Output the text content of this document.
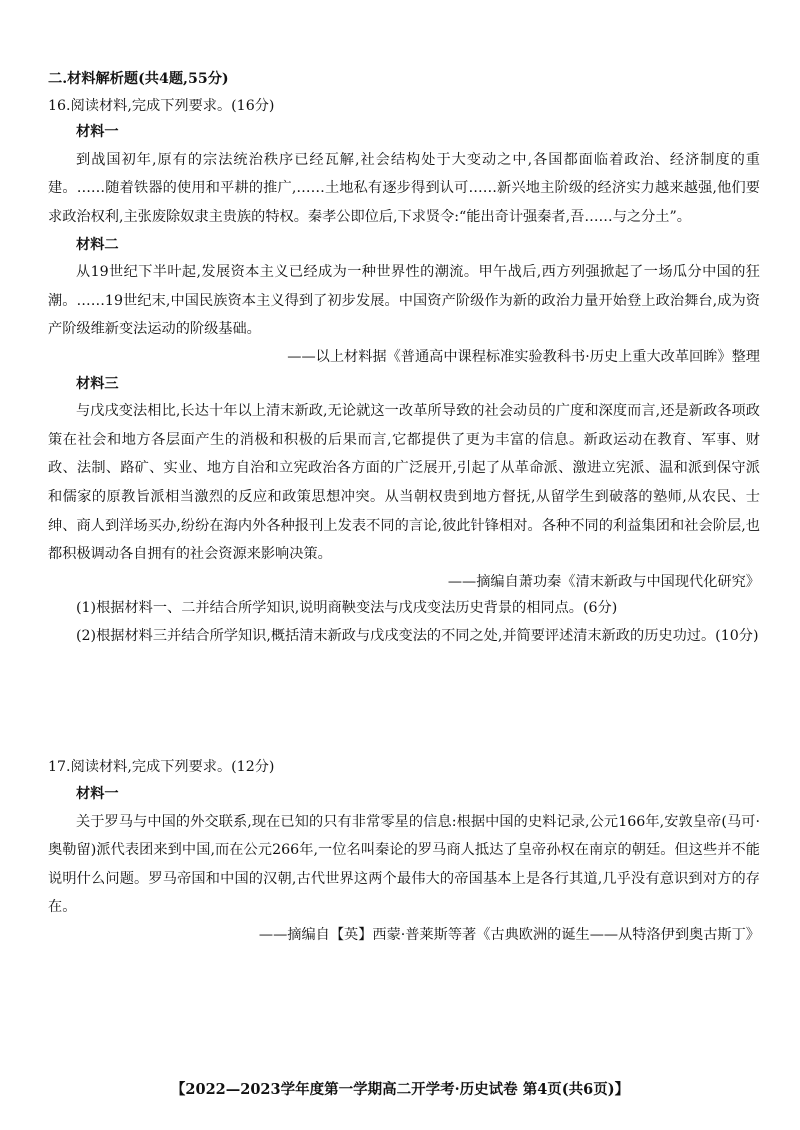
二.材料解析题(共4题,55分)
16.阅读材料,完成下列要求。(16分)
材料一

到战国初年,原有的宗法统治秩序已经瓦解,社会结构处于大变动之中,各国都面临着政治、经济制度的重建。……随着铁器的使用和平耕的推广,……土地私有逐步得到认可……新兴地主阶级的经济实力越来越强,他们要求政治权利,主张废除奴隶主贵族的特权。秦孝公即位后,下求贤令:“能出奇计强秦者,吾……与之分土”。

材料二

从19世纪下半叶起,发展资本主义已经成为一种世界性的潮流。甲午战后,西方列强掀起了一场瓜分中国的狂潮。……19世纪末,中国民族资本主义得到了初步发展。中国资产阶级作为新的政治力量开始登上政治舞台,成为资产阶级维新变法运动的阶级基础。

——以上材料据《普通高中课程标准实验教科书·历史上重大改革回眸》整理
材料三

与戊戌变法相比,长达十年以上清末新政,无论就这一改革所导致的社会动员的广度和深度而言,还是新政各项政策在社会和地方各层面产生的消极和积极的后果而言,它都提供了更为丰富的信息。新政运动在教育、军事、财政、法制、路矿、实业、地方自治和立宪政治各方面的广泛展开,引起了从革命派、激进立宪派、温和派到保守派和儒家的原教旨派相当激烈的反应和政策思想冲突。从当朝权贵到地方督抚,从留学生到破落的塾师,从农民、士绅、商人到洋场买办,纷纷在海内外各种报刊上发表不同的言论,彼此针锋相对。各种不同的利益集团和社会阶层,也都积极调动各自拥有的社会资源来影响决策。

——摘编自萧功秦《清末新政与中国现代化研究》
(1)根据材料一、二并结合所学知识,说明商鞅变法与戊戌变法历史背景的相同点。(6分)

(2)根据材料三并结合所学知识,概括清末新政与戊戌变法的不同之处,并简要评述清末新政的历史功过。(10分)

17.阅读材料,完成下列要求。(12分)
材料一

关于罗马与中国的外交联系,现在已知的只有非常零星的信息:根据中国的史料记录,公元166年,安敦皇帝(马可·奥勒留)派代表团来到中国,而在公元266年,一位名叫秦论的罗马商人抵达了皇帝孙权在南京的朝廷。但这些并不能说明什么问题。罗马帝国和中国的汉朝,古代世界这两个最伟大的帝国基本上是各行其道,几乎没有意识到对方的存在。

——摘编自【英】西蒙·普莱斯等著《古典欧洲的诞生——从特洛伊到奥古斯丁》
【2022—2023学年度第一学期高二开学考·历史试卷 第4页(共6页)】
